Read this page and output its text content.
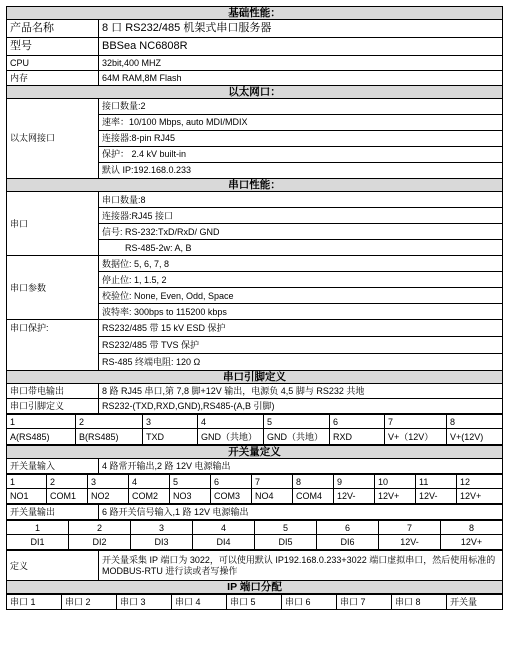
基础性能：	
产品名称	8 口 RS232/485 机架式串口服务器
型号	BBSea NC6808R
CPU	32bit,400 MHZ
内存	64M RAM,8M Flash
以太网口：	
以太网接口	接口数量:2
	速率：10/100 Mbps, auto MDI/MDIX
	连接器:8-pin RJ45
	保护： 2.4 kV built-in
	默认 IP:192.168.0.233
串口性能：	
串口	串口数量:8
	连接器:RJ45 接口
	信号: RS-232:TxD/RxD/ GND
	RS-485-2w: A, B
串口参数	数据位: 5, 6, 7, 8
	停止位: 1, 1.5, 2
	校验位: None, Even, Odd, Space
	波特率: 300bps to 115200 kbps
串口保护:	RS232/485 带 15 kV ESD 保护
	RS232/485 带 TVS 保护
	RS-485 终端电阻: 120 Ω
串口引脚定义	
串口带电输出	8 路 RJ45 串口,第 7,8 脚+12V 输出，电源负 4,5 脚与 RS232 共地
串口引脚定义	RS232-(TXD,RXD,GND),RS485-(A,B 引脚)
1	2	3	4	5	6	7	8
A(RS485)	B(RS485)	TXD	GND（共地）	GND（共地）	RXD	V+（12V）	V+(12V)
开关量定义
开关量输入	4 路常开输出,2 路 12V 电源输出
1	2	3	4	5	6	7	8	9	10	11	12
NO1	COM1	NO2	COM2	NO3	COM3	NO4	COM4	12V-	12V+	12V-	12V+
开关量输出	6 路开关信号输入,1 路 12V 电源输出
1	2	3	4	5	6	7	8
DI1	DI2	DI3	DI4	DI5	DI6	12V-	12V+
定义	开关量采集 IP 端口为 3022，可以使用默认 IP192.168.0.233+3022 端口虚拟串口，然后使用标准的 MODBUS-RTU 进行读或者写操作
IP 端口分配
串口 1	串口 2	串口 3	串口 4	串口 5	串口 6	串口 7	串口 8	开关量
